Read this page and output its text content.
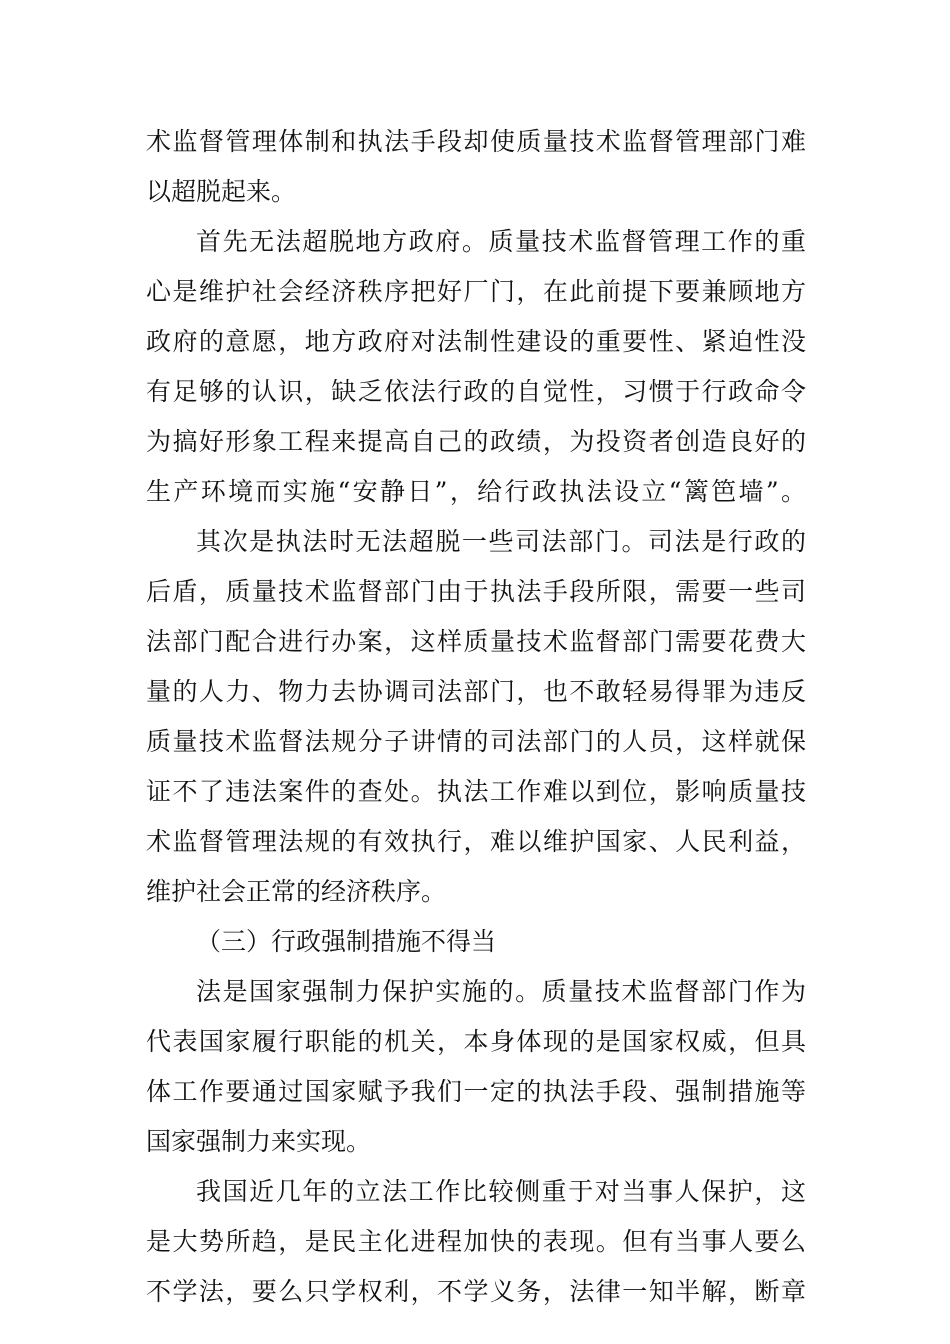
术监督管理体制和执法手段却使质量技术监督管理部门难
以超脱起来。
首先无法超脱地方政府。质量技术监督管理工作的重
心是维护社会经济秩序把好厂门，在此前提下要兼顾地方
政府的意愿，地方政府对法制性建设的重要性、紧迫性没
有足够的认识，缺乏依法行政的自觉性，习惯于行政命令
为搞好形象工程来提高自己的政绩，为投资者创造良好的
生产环境而实施“安静日”，给行政执法设立“篱笆墙”。
其次是执法时无法超脱一些司法部门。司法是行政的
后盾，质量技术监督部门由于执法手段所限，需要一些司
法部门配合进行办案，这样质量技术监督部门需要花费大
量的人力、物力去协调司法部门，也不敢轻易得罪为违反
质量技术监督法规分子讲情的司法部门的人员，这样就保
证不了违法案件的查处。执法工作难以到位，影响质量技
术监督管理法规的有效执行，难以维护国家、人民利益，
维护社会正常的经济秩序。
（三）行政强制措施不得当
法是国家强制力保护实施的。质量技术监督部门作为
代表国家履行职能的机关，本身体现的是国家权威，但具
体工作要通过国家赋予我们一定的执法手段、强制措施等
国家强制力来实现。
我国近几年的立法工作比较侧重于对当事人保护，这
是大势所趋，是民主化进程加快的表现。但有当事人要么
不学法，要么只学权利，不学义务，法律一知半解，断章
